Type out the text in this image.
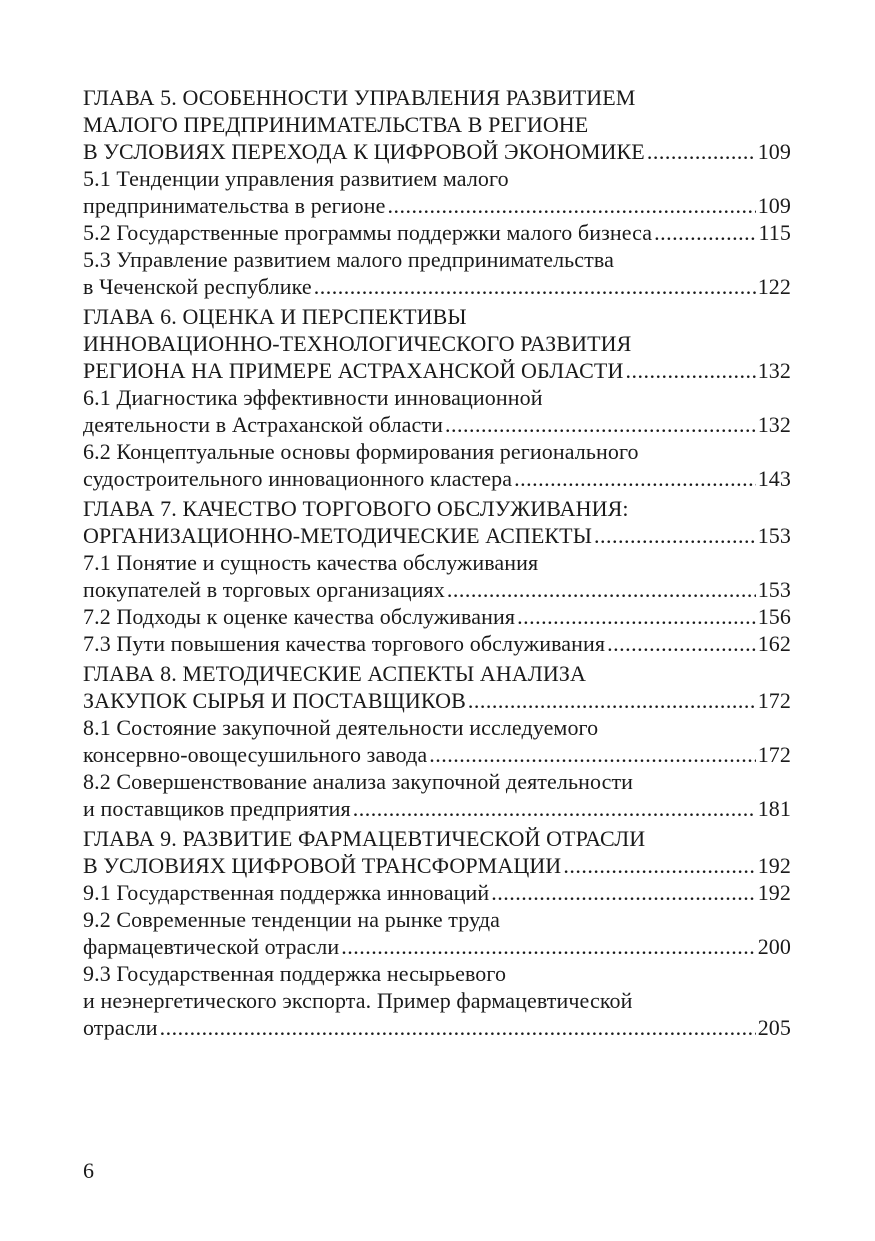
ГЛАВА 5. ОСОБЕННОСТИ УПРАВЛЕНИЯ РАЗВИТИЕМ
МАЛОГО ПРЕДПРИНИМАТЕЛЬСТВА В РЕГИОНЕ
В УСЛОВИЯХ ПЕРЕХОДА К ЦИФРОВОЙ ЭКОНОМИКЕ .....	109
5.1 Тенденции управления развитием малого
предпринимательства в регионе .....	109
5.2 Государственные программы поддержки малого бизнеса .....	115
5.3 Управление развитием малого предпринимательства
в Чеченской республике .....	122
ГЛАВА 6. ОЦЕНКА И ПЕРСПЕКТИВЫ
ИННОВАЦИОННО-ТЕХНОЛОГИЧЕСКОГО РАЗВИТИЯ
РЕГИОНА НА ПРИМЕРЕ АСТРАХАНСКОЙ ОБЛАСТИ .....	132
6.1 Диагностика эффективности инновационной
деятельности в Астраханской области .....	132
6.2 Концептуальные основы формирования регионального
судостроительного инновационного кластера .....	143
ГЛАВА 7. КАЧЕСТВО ТОРГОВОГО ОБСЛУЖИВАНИЯ:
ОРГАНИЗАЦИОННО-МЕТОДИЧЕСКИЕ АСПЕКТЫ .....	153
7.1 Понятие и сущность качества обслуживания
покупателей в торговых организациях .....	153
7.2 Подходы к оценке качества обслуживания .....	156
7.3 Пути повышения качества торгового обслуживания .....	162
ГЛАВА 8. МЕТОДИЧЕСКИЕ АСПЕКТЫ АНАЛИЗА
ЗАКУПОК СЫРЬЯ И ПОСТАВЩИКОВ .....	172
8.1 Состояние закупочной деятельности исследуемого
консервно-овощесушильного завода .....	172
8.2 Совершенствование анализа закупочной деятельности
и поставщиков предприятия .....	181
ГЛАВА 9. РАЗВИТИЕ ФАРМАЦЕВТИЧЕСКОЙ ОТРАСЛИ
В УСЛОВИЯХ ЦИФРОВОЙ ТРАНСФОРМАЦИИ .....	192
9.1 Государственная поддержка инноваций .....	192
9.2 Современные тенденции на рынке труда
фармацевтической отрасли .....	200
9.3 Государственная поддержка несырьевого
и неэнергетического экспорта. Пример фармацевтической
отрасли .....	205
6
